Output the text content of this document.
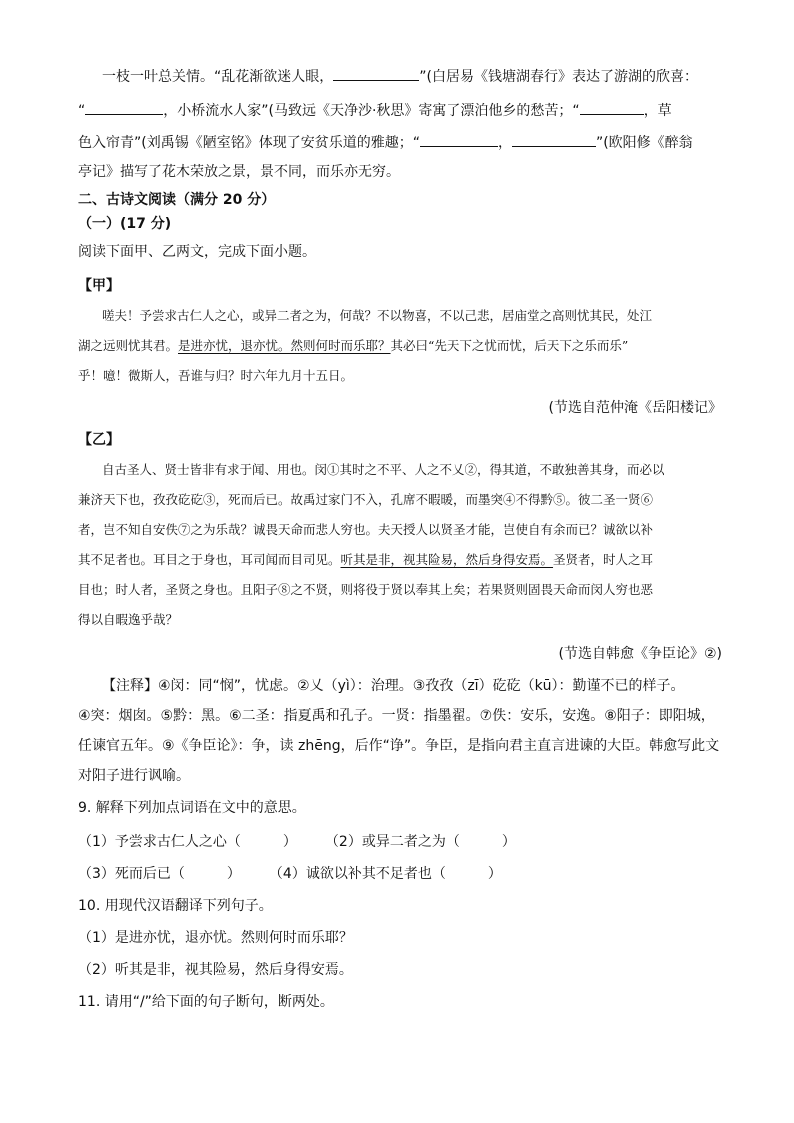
一枝一叶总关情。“乱花渐欲迷人眼，	”(白居易《钱塘湖春行》表达了游湖的欣喜：
“	，小桥流水人家”(马致远《天净沙·秋思》寄寓了漂泊他乡的愁苦；“	，草
色入帘青”(刘禹锡《陋室铭》体现了安贫乐道的雅趣；“	，	”(欧阳修《醉翁
亭记》描写了花木荣放之景，景不同，而乐亦无穷。
二、古诗文阅读（满分 20 分）
（一）(17 分)
阅读下面甲、乙两文，完成下面小题。
【甲】
嗟夫！予尝求古仁人之心，或异二者之为，何哉？不以物喜，不以己悲，居庙堂之高则忧其民，处江
湖之远则忧其君。是进亦忧，退亦忧。然则何时而乐耶？其必曰“先天下之忧而忧，后天下之乐而乐”
乎！噫！微斯人，吾谁与归？时六年九月十五日。
(节选自范仲淹《岳阳楼记》
【乙】
自古圣人、贤士皆非有求于闻、用也。闵①其时之不平、人之不乂②，得其道，不敢独善其身，而必以
兼济天下也，孜孜矻矻③，死而后已。故禹过家门不入，孔席不暇暖，而墨突④不得黔⑤。彼二圣一贤⑥
者，岂不知自安佚⑦之为乐哉？诚畏天命而悲人穷也。夫天授人以贤圣才能，岂使自有余而已？诚欲以补
其不足者也。耳目之于身也，耳司闻而目司见。听其是非，视其险易，然后身得安焉。圣贤者，时人之耳
目也；时人者，圣贤之身也。且阳子⑧之不贤，则将役于贤以奉其上矣；若果贤则固畏天命而闵人穷也恶
得以自暇逸乎哉？
(节选自韩愈《争臣论》②)
【注释】④闵：同“悯”，忧虑。②乂（yì）：治理。③孜孜（zī）矻矻（kū）：勤谨不已的样子。
④突：烟囱。⑤黔：黑。⑥二圣：指夏禹和孔子。一贤：指墨翟。⑦佚：安乐，安逸。⑧阳子：即阳城，
任谏官五年。⑨《争臣论》：争，读 zhēng，后作“诤”。争臣，是指向君主直言进谏的大臣。韩愈写此文
对阳子进行讽喻。
9. 解释下列加点词语在文中的意思。
（1）予尝求古仁人之心（　　　） （2）或异二者之为（　　　）
（3）死而后已（　　　） （4）诚欲以补其不足者也（　　　）
10. 用现代汉语翻译下列句子。
（1）是进亦忧，退亦忧。然则何时而乐耶？
（2）听其是非，视其险易，然后身得安焉。
11. 请用“/”给下面的句子断句，断两处。
